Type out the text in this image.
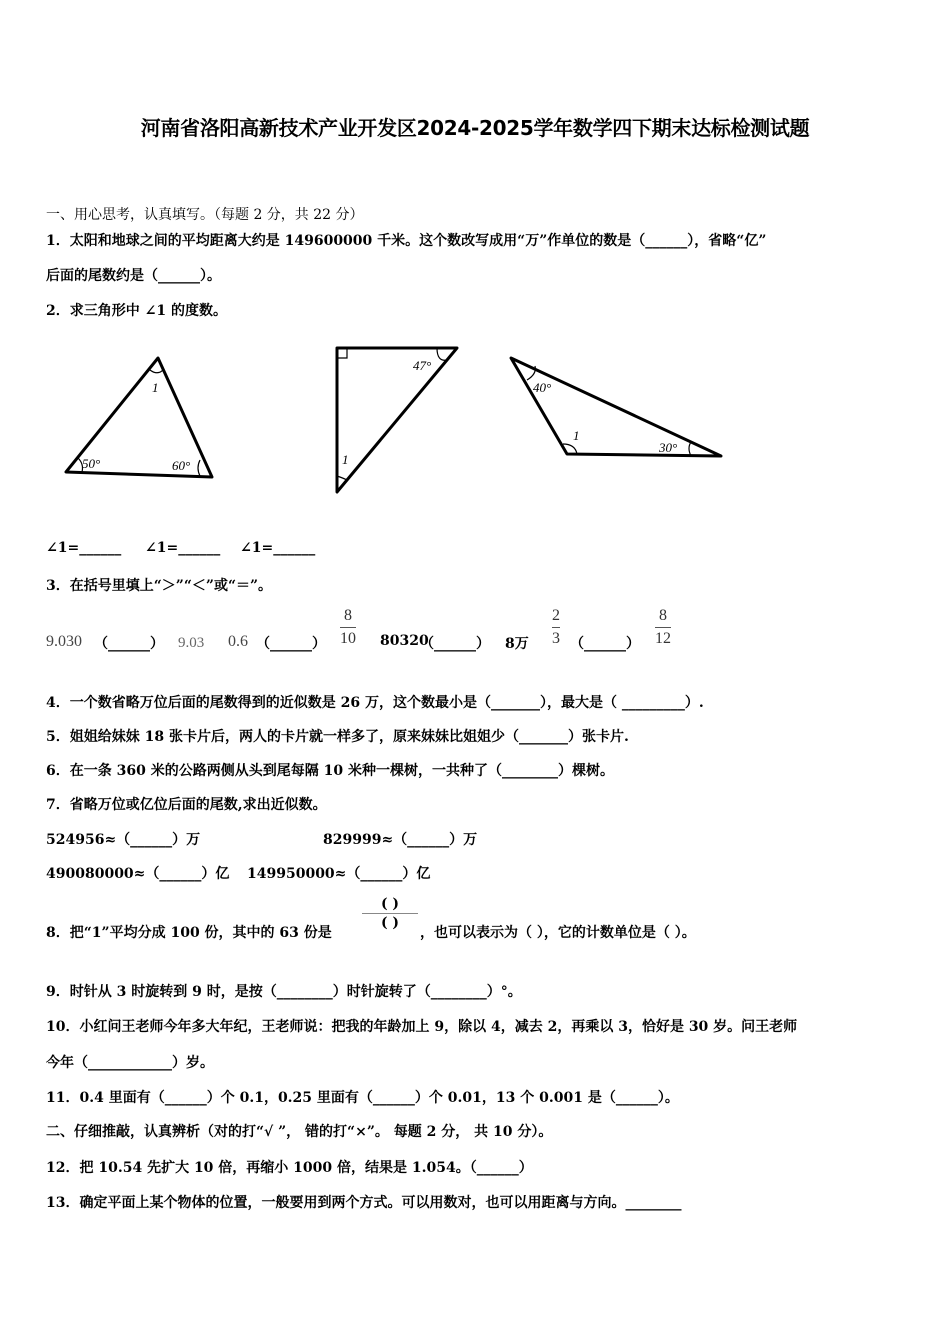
河南省洛阳高新技术产业开发区2024-2025学年数学四下期末达标检测试题
一、用心思考，认真填写。（每题 2 分，共 22 分）
1．太阳和地球之间的平均距离大约是 149600000 千米。这个数改写成用“万”作单位的数是（______），省略“亿”
后面的尾数约是（______）。
2．求三角形中 ∠1 的度数。
1
50°	60°
47°
1
40°
1
30°
∠1=______ ∠1=______ ∠1=______
3．在括号里填上“＞”“＜”或“＝”。
9.030 （______） 9.03 0.6 （______）
8
10 80320
（______） 8万
2
3 （______）
8
12
4．一个数省略万位后面的尾数得到的近似数是 26 万，这个数最小是（_______），最大是（ _________）.
5．姐姐给妹妹 18 张卡片后，两人的卡片就一样多了，原来妹妹比姐姐少（_______）张卡片.
6．在一条 360 米的公路两侧从头到尾每隔 10 米种一棵树，一共种了（________）棵树。
7．省略万位或亿位后面的尾数,求出近似数。
524956≈（______）万	829999≈（______）万
490080000≈（______）亿 149950000≈（______）亿
8．把“1”平均分成 100 份，其中的 63 份是
( )
( )
，也可以表示为（ ），它的计数单位是（ ）。
9．时针从 3 时旋转到 9 时，是按（________）时针旋转了（________）°。
10．小红问王老师今年多大年纪，王老师说：把我的年龄加上 9，除以 4，减去 2，再乘以 3，恰好是 30 岁。问王老师
今年（____________）岁。
11．0.4 里面有（______）个 0.1，0.25 里面有（______）个 0.01，13 个 0.001 是（______）。
二、仔细推敲，认真辨析（对的打“√ ”， 错的打“×”。 每题 2 分， 共 10 分）。
12．把 10.54 先扩大 10 倍，再缩小 1000 倍，结果是 1.054。（______）
13．确定平面上某个物体的位置，一般要用到两个方式。可以用数对，也可以用距离与方向。________
